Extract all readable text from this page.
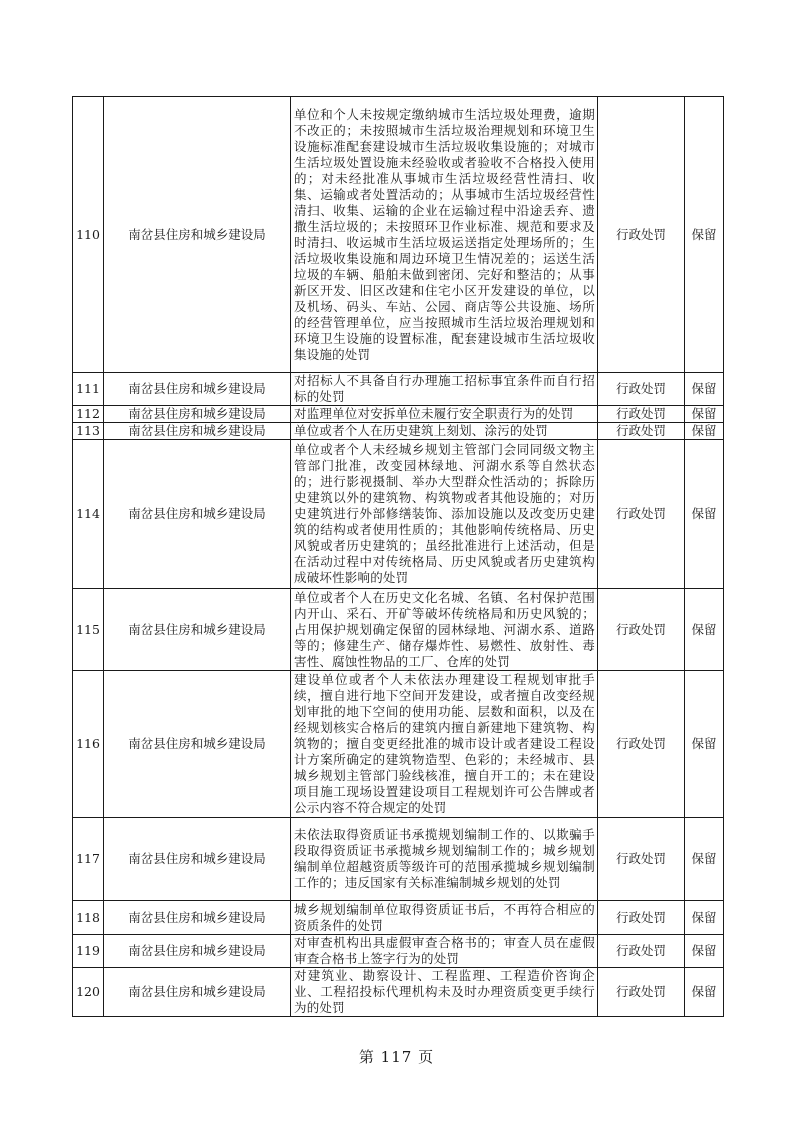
110	南岔县住房和城乡建设局	单位和个人未按规定缴纳城市生活垃圾处理费，逾期不改正的；未按照城市生活垃圾治理规划和环境卫生设施标准配套建设城市生活垃圾收集设施的；对城市生活垃圾处置设施未经验收或者验收不合格投入使用的；对未经批准从事城市生活垃圾经营性清扫、收集、运输或者处置活动的；从事城市生活垃圾经营性清扫、收集、运输的企业在运输过程中沿途丢弃、遗撒生活垃圾的；未按照环卫作业标准、规范和要求及时清扫、收运城市生活垃圾运送指定处理场所的；生活垃圾收集设施和周边环境卫生情况差的；运送生活垃圾的车辆、船舶未做到密闭、完好和整洁的；从事新区开发、旧区改建和住宅小区开发建设的单位，以及机场、码头、车站、公园、商店等公共设施、场所的经营管理单位，应当按照城市生活垃圾治理规划和环境卫生设施的设置标准，配套建设城市生活垃圾收集设施的处罚	行政处罚	保留
111	南岔县住房和城乡建设局	对招标人不具备自行办理施工招标事宜条件而自行招标的处罚	行政处罚	保留
112	南岔县住房和城乡建设局	对监理单位对安拆单位未履行安全职责行为的处罚	行政处罚	保留
113	南岔县住房和城乡建设局	单位或者个人在历史建筑上刻划、涂污的处罚	行政处罚	保留
114	南岔县住房和城乡建设局	单位或者个人未经城乡规划主管部门会同同级文物主管部门批准，改变园林绿地、河湖水系等自然状态的；进行影视摄制、举办大型群众性活动的；拆除历史建筑以外的建筑物、构筑物或者其他设施的；对历史建筑进行外部修缮装饰、添加设施以及改变历史建筑的结构或者使用性质的；其他影响传统格局、历史风貌或者历史建筑的；虽经批准进行上述活动，但是在活动过程中对传统格局、历史风貌或者历史建筑构成破坏性影响的处罚	行政处罚	保留
115	南岔县住房和城乡建设局	单位或者个人在历史文化名城、名镇、名村保护范围内开山、采石、开矿等破坏传统格局和历史风貌的；占用保护规划确定保留的园林绿地、河湖水系、道路等的；修建生产、储存爆炸性、易燃性、放射性、毒害性、腐蚀性物品的工厂、仓库的处罚	行政处罚	保留
116	南岔县住房和城乡建设局	建设单位或者个人未依法办理建设工程规划审批手续，擅自进行地下空间开发建设，或者擅自改变经规划审批的地下空间的使用功能、层数和面积，以及在经规划核实合格后的建筑内擅自新建地下建筑物、构筑物的；擅自变更经批准的城市设计或者建设工程设计方案所确定的建筑物造型、色彩的；未经城市、县城乡规划主管部门验线核准，擅自开工的；未在建设项目施工现场设置建设项目工程规划许可公告牌或者公示内容不符合规定的处罚	行政处罚	保留
117	南岔县住房和城乡建设局	未依法取得资质证书承揽规划编制工作的、以欺骗手段取得资质证书承揽城乡规划编制工作的；城乡规划编制单位超越资质等级许可的范围承揽城乡规划编制工作的；违反国家有关标准编制城乡规划的处罚	行政处罚	保留
118	南岔县住房和城乡建设局	城乡规划编制单位取得资质证书后，不再符合相应的资质条件的处罚	行政处罚	保留
119	南岔县住房和城乡建设局	对审查机构出具虚假审查合格书的；审查人员在虚假审查合格书上签字行为的处罚	行政处罚	保留
120	南岔县住房和城乡建设局	对建筑业、勘察设计、工程监理、工程造价咨询企业、工程招投标代理机构未及时办理资质变更手续行为的处罚	行政处罚	保留
第 117 页
